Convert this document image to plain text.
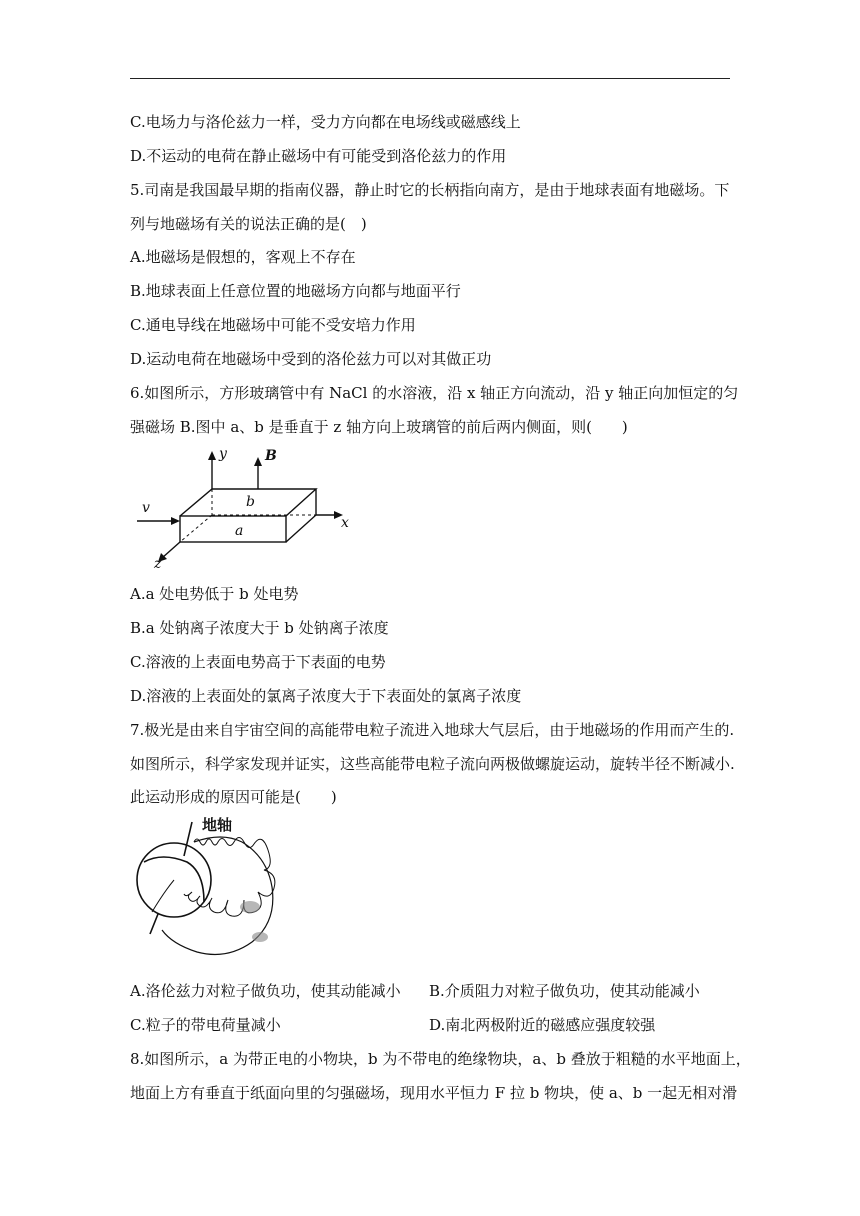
C.电场力与洛伦兹力一样，受力方向都在电场线或磁感线上
D.不运动的电荷在静止磁场中有可能受到洛伦兹力的作用
5.司南是我国最早期的指南仪器，静止时它的长柄指向南方，是由于地球表面有地磁场。下
列与地磁场有关的说法正确的是(　)
A.地磁场是假想的，客观上不存在
B.地球表面上任意位置的地磁场方向都与地面平行
C.通电导线在地磁场中可能不受安培力作用
D.运动电荷在地磁场中受到的洛伦兹力可以对其做正功
6.如图所示，方形玻璃管中有 NaCl 的水溶液，沿 x 轴正方向流动，沿 y 轴正向加恒定的匀
强磁场 B.图中 a、b 是垂直于 z 轴方向上玻璃管的前后两内侧面，则(　　)
y	B
b
v
a	x
z
A.a 处电势低于 b 处电势
B.a 处钠离子浓度大于 b 处钠离子浓度
C.溶液的上表面电势高于下表面的电势
D.溶液的上表面处的氯离子浓度大于下表面处的氯离子浓度
7.极光是由来自宇宙空间的高能带电粒子流进入地球大气层后，由于地磁场的作用而产生的.
如图所示，科学家发现并证实，这些高能带电粒子流向两极做螺旋运动，旋转半径不断减小.
此运动形成的原因可能是(　　)
地轴
A.洛伦兹力对粒子做负功，使其动能减小 B.介质阻力对粒子做负功，使其动能减小
C.粒子的带电荷量减小	D.南北两极附近的磁感应强度较强
8.如图所示，a 为带正电的小物块，b 为不带电的绝缘物块，a、b 叠放于粗糙的水平地面上，
地面上方有垂直于纸面向里的匀强磁场，现用水平恒力 F 拉 b 物块，使 a、b 一起无相对滑
